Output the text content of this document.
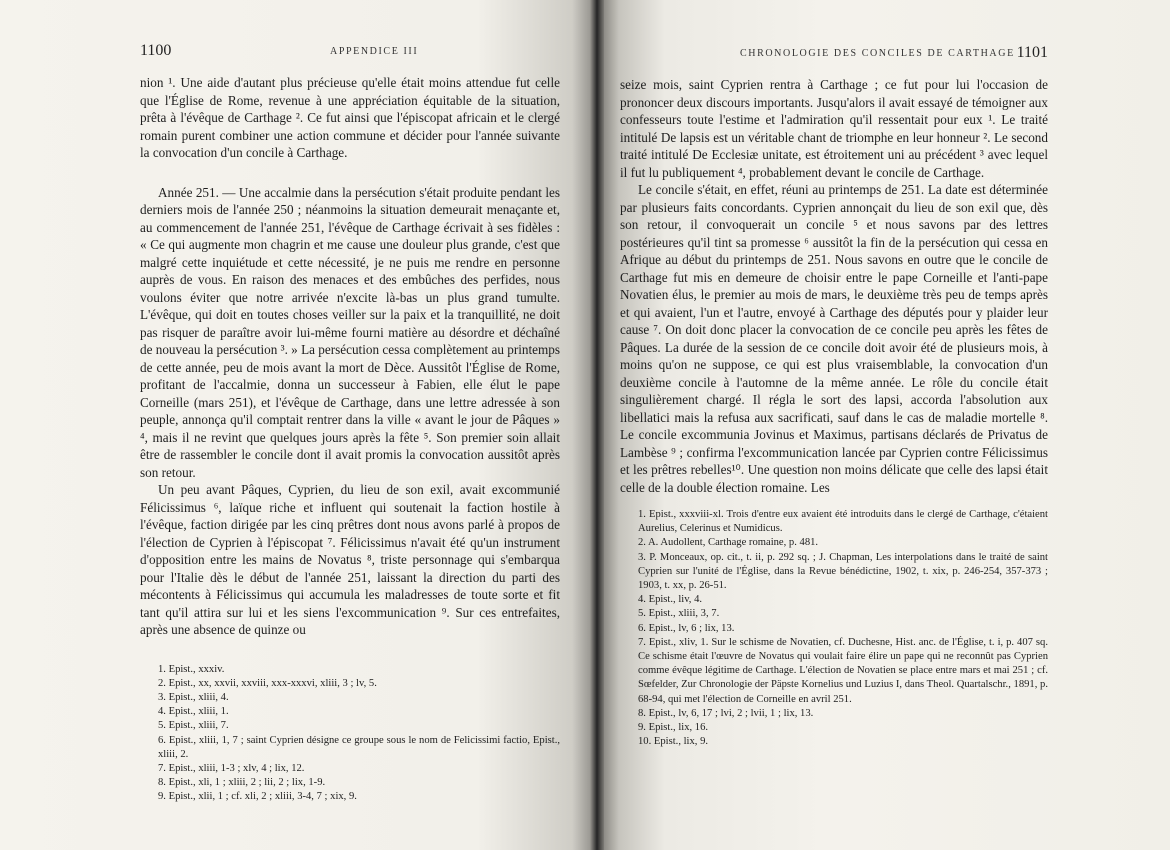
1100	APPENDICE III

nion ¹. Une aide d'autant plus précieuse qu'elle était moins attendue fut celle que l'Église de Rome, revenue à une appréciation équitable de la situation, prêta à l'évêque de Carthage ². Ce fut ainsi que l'épiscopat africain et le clergé romain purent combiner une action commune et décider pour l'année suivante la convocation d'un concile à Carthage.

Année 251. — Une accalmie dans la persécution s'était produite pendant les derniers mois de l'année 250 ; néanmoins la situation demeurait menaçante et, au commencement de l'année 251, l'évêque de Carthage écrivait à ses fidèles : « Ce qui augmente mon chagrin et me cause une douleur plus grande, c'est que malgré cette inquiétude et cette nécessité, je ne puis me rendre en personne auprès de vous. En raison des menaces et des embûches des perfides, nous voulons éviter que notre arrivée n'excite là-bas un plus grand tumulte. L'évêque, qui doit en toutes choses veiller sur la paix et la tranquillité, ne doit pas risquer de paraître avoir lui-même fourni matière au désordre et déchaîné de nouveau la persécution ³. » La persécution cessa complètement au printemps de cette année, peu de mois avant la mort de Dèce. Aussitôt l'Église de Rome, profitant de l'accalmie, donna un successeur à Fabien, elle élut le pape Corneille (mars 251), et l'évêque de Carthage, dans une lettre adressée à son peuple, annonça qu'il comptait rentrer dans la ville « avant le jour de Pâques » ⁴, mais il ne revint que quelques jours après la fête ⁵. Son premier soin allait être de rassembler le concile dont il avait promis la convocation aussitôt après son retour.

Un peu avant Pâques, Cyprien, du lieu de son exil, avait excommunié Félicissimus ⁶, laïque riche et influent qui soutenait la faction hostile à l'évêque, faction dirigée par les cinq prêtres dont nous avons parlé à propos de l'élection de Cyprien à l'épiscopat ⁷. Félicissimus n'avait été qu'un instrument d'opposition entre les mains de Novatus ⁸, triste personnage qui s'embarqua pour l'Italie dès le début de l'année 251, laissant la direction du parti des mécontents à Félicissimus qui accumula les maladresses de toute sorte et fit tant qu'il attira sur lui et les siens l'excommunication ⁹. Sur ces entrefaites, après une absence de quinze ou

1. Epist., xxxiv.

2. Epist., xx, xxvii, xxviii, xxx-xxxvi, xliii, 3 ; lv, 5.

3. Epist., xliii, 4.

4. Epist., xliii, 1.

5. Epist., xliii, 7.

6. Epist., xliii, 1, 7 ; saint Cyprien désigne ce groupe sous le nom de Felicissimi factio, Epist., xliii, 2.

7. Epist., xliii, 1-3 ; xlv, 4 ; lix, 12.

8. Epist., xli, 1 ; xliii, 2 ; lii, 2 ; lix, 1-9.

9. Epist., xlii, 1 ; cf. xli, 2 ; xliii, 3-4, 7 ; xix, 9.

CHRONOLOGIE DES CONCILES DE CARTHAGE 1101

seize mois, saint Cyprien rentra à Carthage ; ce fut pour lui l'occasion de prononcer deux discours importants. Jusqu'alors il avait essayé de témoigner aux confesseurs toute l'estime et l'admiration qu'il ressentait pour eux ¹. Le traité intitulé De lapsis est un véritable chant de triomphe en leur honneur ². Le second traité intitulé De Ecclesiæ unitate, est étroitement uni au précédent ³ avec lequel il fut lu publiquement ⁴, probablement devant le concile de Carthage.

Le concile s'était, en effet, réuni au printemps de 251. La date est déterminée par plusieurs faits concordants. Cyprien annonçait du lieu de son exil que, dès son retour, il convoquerait un concile ⁵ et nous savons par des lettres postérieures qu'il tint sa promesse ⁶ aussitôt la fin de la persécution qui cessa en Afrique au début du printemps de 251. Nous savons en outre que le concile de Carthage fut mis en demeure de choisir entre le pape Corneille et l'anti-pape Novatien élus, le premier au mois de mars, le deuxième très peu de temps après et qui avaient, l'un et l'autre, envoyé à Carthage des députés pour y plaider leur cause ⁷. On doit donc placer la convocation de ce concile peu après les fêtes de Pâques. La durée de la session de ce concile doit avoir été de plusieurs mois, à moins qu'on ne suppose, ce qui est plus vraisemblable, la convocation d'un deuxième concile à l'automne de la même année. Le rôle du concile était singulièrement chargé. Il régla le sort des lapsi, accorda l'absolution aux libellatici mais la refusa aux sacrificati, sauf dans le cas de maladie mortelle ⁸. Le concile excommunia Jovinus et Maximus, partisans déclarés de Privatus de Lambèse ⁹ ; confirma l'excommunication lancée par Cyprien contre Félicissimus et les prêtres rebelles¹⁰. Une question non moins délicate que celle des lapsi était celle de la double élection romaine. Les

1. Epist., xxxviii-xl. Trois d'entre eux avaient été introduits dans le clergé de Carthage, c'étaient Aurelius, Celerinus et Numidicus.

2. A. Audollent, Carthage romaine, p. 481.

3. P. Monceaux, op. cit., t. ii, p. 292 sq. ; J. Chapman, Les interpolations dans le traité de saint Cyprien sur l'unité de l'Église, dans la Revue bénédictine, 1902, t. xix, p. 246-254, 357-373 ; 1903, t. xx, p. 26-51.

4. Epist., liv, 4.

5. Epist., xliii, 3, 7.

6. Epist., lv, 6 ; lix, 13.

7. Epist., xliv, 1. Sur le schisme de Novatien, cf. Duchesne, Hist. anc. de l'Église, t. i, p. 407 sq. Ce schisme était l'œuvre de Novatus qui voulait faire élire un pape qui ne reconnût pas Cyprien comme évêque légitime de Carthage. L'élection de Novatien se place entre mars et mai 251 ; cf. Sœfelder, Zur Chronologie der Päpste Kornelius und Luzius I, dans Theol. Quartalschr., 1891, p. 68-94, qui met l'élection de Corneille en avril 251.

8. Epist., lv, 6, 17 ; lvi, 2 ; lvii, 1 ; lix, 13.

9. Epist., lix, 16.

10. Epist., lix, 9.
